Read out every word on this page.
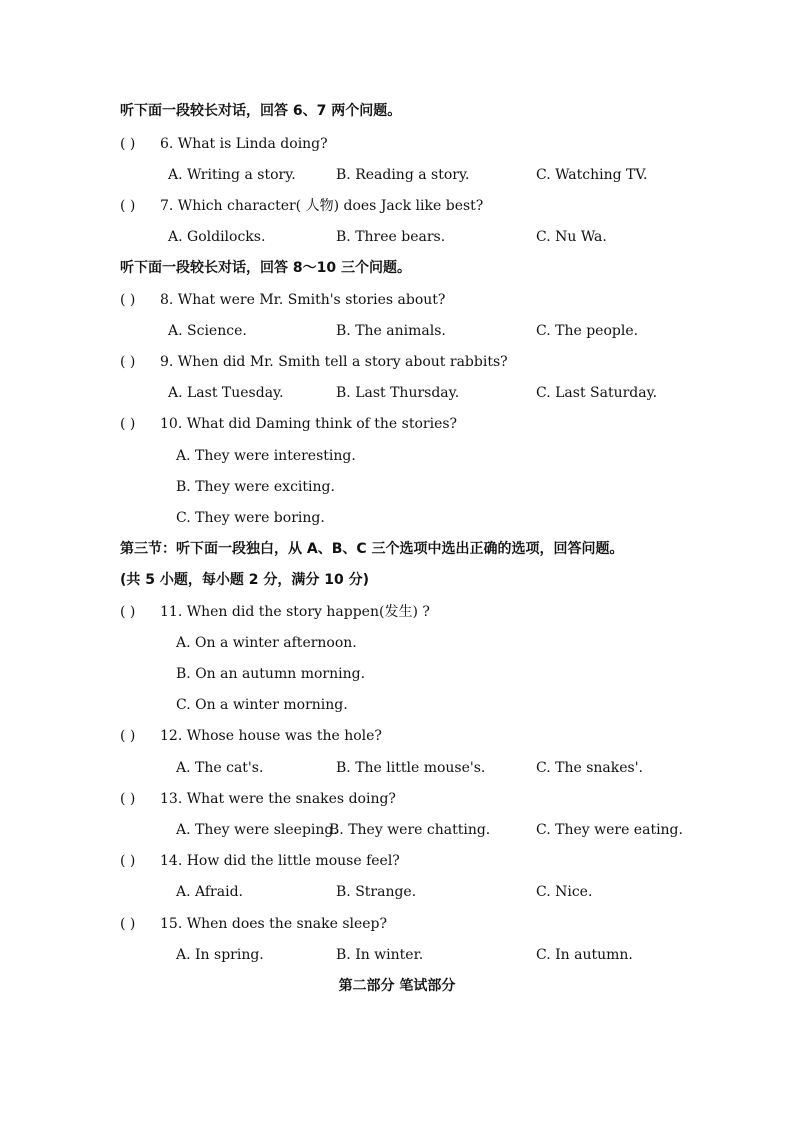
听下面一段较长对话，回答 6、7 两个问题。
( ) 6. What is Linda doing?
A. Writing a story.	B. Reading a story.	C. Watching TV.
( ) 7. Which character( 人物) does Jack like best?
A. Goldilocks.	B. Three bears.	C. Nu Wa.
听下面一段较长对话，回答 8～10 三个问题。
( ) 8. What were Mr. Smith's stories about?
A. Science.	B. The animals.	C. The people.
( ) 9. When did Mr. Smith tell a story about rabbits?
A. Last Tuesday.	B. Last Thursday.	C. Last Saturday.
( ) 10. What did Daming think of the stories?
A. They were interesting.
B. They were exciting.
C. They were boring.
第三节：听下面一段独白，从 A、B、C 三个选项中选出正确的选项，回答问题。
(共 5 小题，每小题 2 分，满分 10 分)
( ) 11. When did the story happen(发生) ?
A. On a winter afternoon.
B. On an autumn morning.
C. On a winter morning.
( ) 12. Whose house was the hole?
A. The cat's.	B. The little mouse's.	C. The snakes'.
( ) 13. What were the snakes doing?
A. They were sleeping.
B. They were chatting.	C. They were eating.
( ) 14. How did the little mouse feel?
A. Afraid.	B. Strange.	C. Nice.
( ) 15. When does the snake sleep?
A. In spring.	B. In winter.	C. In autumn.
第二部分 笔试部分
